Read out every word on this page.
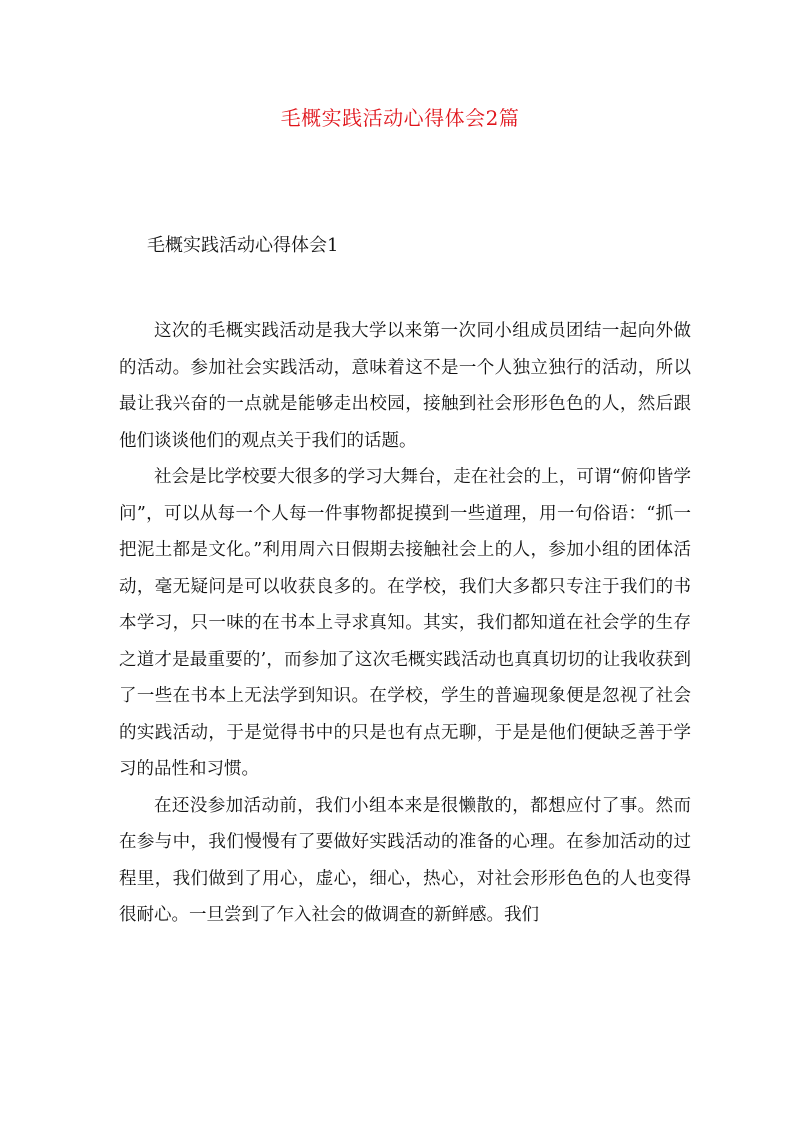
毛概实践活动心得体会2篇
毛概实践活动心得体会1

这次的毛概实践活动是我大学以来第一次同小组成员团结一起向外做的活动。参加社会实践活动，意味着这不是一个人独立独行的活动，所以最让我兴奋的一点就是能够走出校园，接触到社会形形色色的人，然后跟他们谈谈他们的观点关于我们的话题。

社会是比学校要大很多的学习大舞台，走在社会的上，可谓“俯仰皆学问”，可以从每一个人每一件事物都捉摸到一些道理，用一句俗语：“抓一把泥土都是文化。”利用周六日假期去接触社会上的人，参加小组的团体活动，毫无疑问是可以收获良多的。在学校，我们大多都只专注于我们的书本学习，只一味的在书本上寻求真知。其实，我们都知道在社会学的生存之道才是最重要的’，而参加了这次毛概实践活动也真真切切的让我收获到了一些在书本上无法学到知识。在学校，学生的普遍现象便是忽视了社会的实践活动，于是觉得书中的只是也有点无聊，于是是他们便缺乏善于学习的品性和习惯。

在还没参加活动前，我们小组本来是很懒散的，都想应付了事。然而在参与中，我们慢慢有了要做好实践活动的准备的心理。在参加活动的过程里，我们做到了用心，虚心，细心，热心，对社会形形色色的人也变得很耐心。一旦尝到了乍入社会的做调查的新鲜感。我们
